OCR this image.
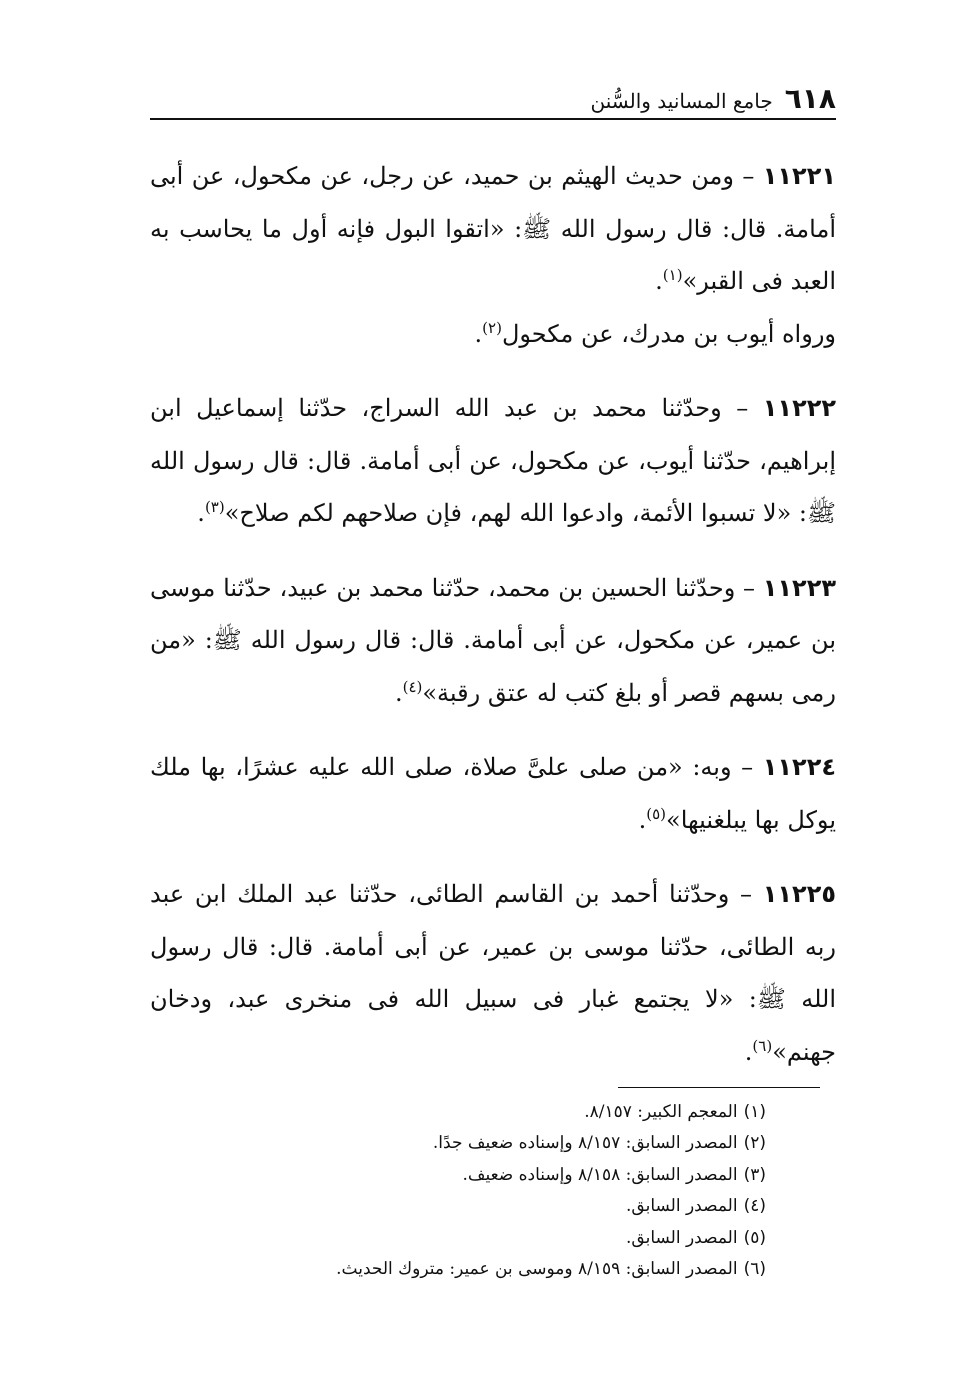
٦١٨
جامع المسانيد والسُّنن

١١٢٢١ – ومن حديث الهيثم بن حميد، عن رجل، عن مكحول، عن أبى أمامة. قال: قال رسول الله ﷺ: «اتقوا البول فإنه أول ما يحاسب به العبد فى القبر»$^{(١)}$.

ورواه أيوب بن مدرك، عن مكحول$^{(٢)}$.

١١٢٢٢ – وحدّثنا محمد بن عبد الله السراج، حدّثنا إسماعيل ابن إبراهيم، حدّثنا أيوب، عن مكحول، عن أبى أمامة. قال: قال رسول الله ﷺ: «لا تسبوا الأئمة، وادعوا الله لهم، فإن صلاحهم لكم صلاح»$^{(٣)}$.

١١٢٢٣ – وحدّثنا الحسين بن محمد، حدّثنا محمد بن عبيد، حدّثنا موسى بن عمير، عن مكحول، عن أبى أمامة. قال: قال رسول الله ﷺ: «من رمى بسهم قصر أو بلغ كتب له عتق رقبة»$^{(٤)}$.

١١٢٢٤ – وبه: «من صلى علىَّ صلاة، صلى الله عليه عشرًا، بها ملك يوكل بها يبلغنيها»$^{(٥)}$.

١١٢٢٥ – وحدّثنا أحمد بن القاسم الطائى، حدّثنا عبد الملك ابن عبد ربه الطائى، حدّثنا موسى بن عمير، عن أبى أمامة. قال: قال رسول الله ﷺ: «لا يجتمع غبار فى سبيل الله فى منخرى عبد، ودخان جهنم»$^{(٦)}$.

(١)المعجم الكبير: ٨/١٥٧.
(٢)المصدر السابق: ٨/١٥٧ وإسناده ضعيف جدًا.
(٣)المصدر السابق: ٨/١٥٨ وإسناده ضعيف.
(٤)المصدر السابق.
(٥)المصدر السابق.
(٦)المصدر السابق: ٨/١٥٩ وموسى بن عمير: متروك الحديث.
